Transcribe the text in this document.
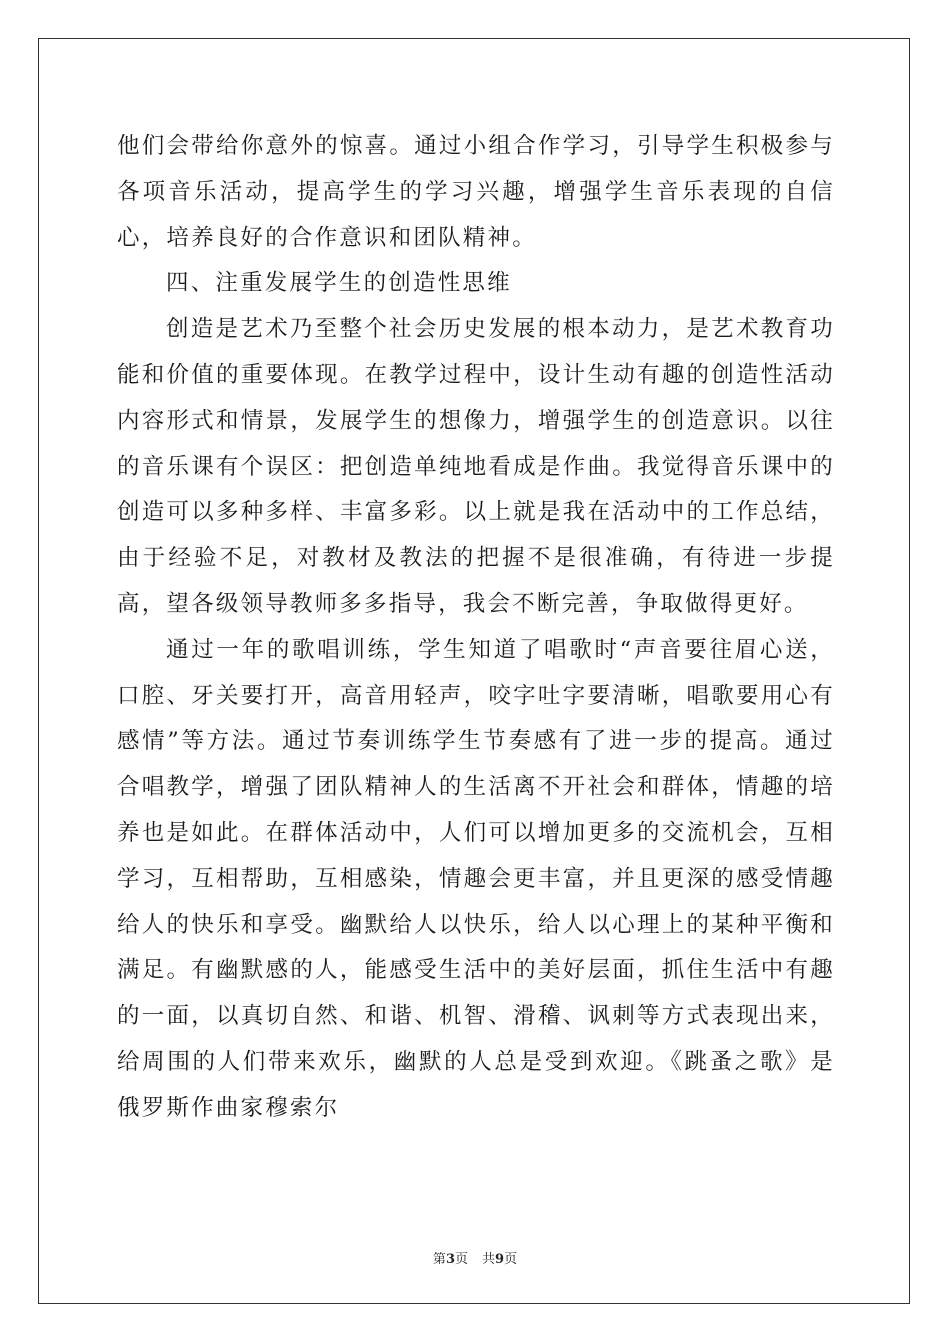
他们会带给你意外的惊喜。通过小组合作学习，引导学生积极参与各项音乐活动，提高学生的学习兴趣，增强学生音乐表现的自信心，培养良好的合作意识和团队精神。

四、注重发展学生的创造性思维

创造是艺术乃至整个社会历史发展的根本动力，是艺术教育功能和价值的重要体现。在教学过程中，设计生动有趣的创造性活动内容形式和情景，发展学生的想像力，增强学生的创造意识。以往的音乐课有个误区：把创造单纯地看成是作曲。我觉得音乐课中的创造可以多种多样、丰富多彩。以上就是我在活动中的工作总结，由于经验不足，对教材及教法的把握不是很准确，有待进一步提高，望各级领导教师多多指导，我会不断完善，争取做得更好。

通过一年的歌唱训练，学生知道了唱歌时“声音要往眉心送，口腔、牙关要打开，高音用轻声，咬字吐字要清晰，唱歌要用心有感情”等方法。通过节奏训练学生节奏感有了进一步的提高。通过合唱教学，增强了团队精神人的生活离不开社会和群体，情趣的培养也是如此。在群体活动中，人们可以增加更多的交流机会，互相学习，互相帮助，互相感染，情趣会更丰富，并且更深的感受情趣给人的快乐和享受。幽默给人以快乐，给人以心理上的某种平衡和满足。有幽默感的人，能感受生活中的美好层面，抓住生活中有趣的一面，以真切自然、和谐、机智、滑稽、讽刺等方式表现出来，给周围的人们带来欢乐，幽默的人总是受到欢迎。《跳蚤之歌》是俄罗斯作曲家穆索尔

第3页 共9页
